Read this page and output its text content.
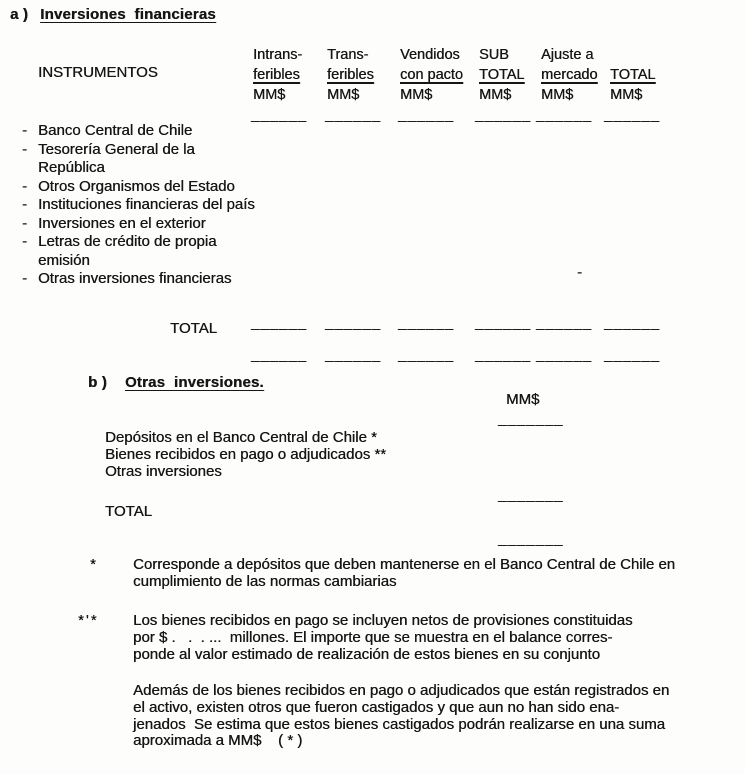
a ) Inversiones  financieras
INSTRUMENTOS
Intrans-
feribles
MM$
Trans-
feribles
MM$
Vendidos
con pacto
MM$
SUB
TOTAL
MM$
Ajuste a
mercado
MM$
TOTAL
MM$
______ ______ ______ ______ ______ ______
- Banco Central de Chile
- Tesorería General de la República
- Otros Organismos del Estado
- Instituciones financieras del país
- Inversiones en el exterior
- Letras de crédito de propia emisión
- Otras inversiones financieras	-
______ ______ ______ ______ ______ ______
TOTAL
______ ______ ______ ______ ______ ______
b ) Otras  inversiones.
MM$
_______
Depósitos en el Banco Central de Chile *
Bienes recibidos en pago o adjudicados **
Otras inversiones
_______
TOTAL
_______
* Corresponde a depósitos que deben mantenerse en el Banco Central de Chile en
cumplimiento de las normas cambiarias
*'* Los bienes recibidos en pago se incluyen netos de provisiones constituidas
por $ .   .  . ...  millones. El importe que se muestra en el balance corres-
ponde al valor estimado de realización de estos bienes en su conjunto
Además de los bienes recibidos en pago o adjudicados que están registrados en
el activo, existen otros que fueron castigados y que aun no han sido ena-
jenados  Se estima que estos bienes castigados podrán realizarse en una suma
aproximada a MM$    ( * )
